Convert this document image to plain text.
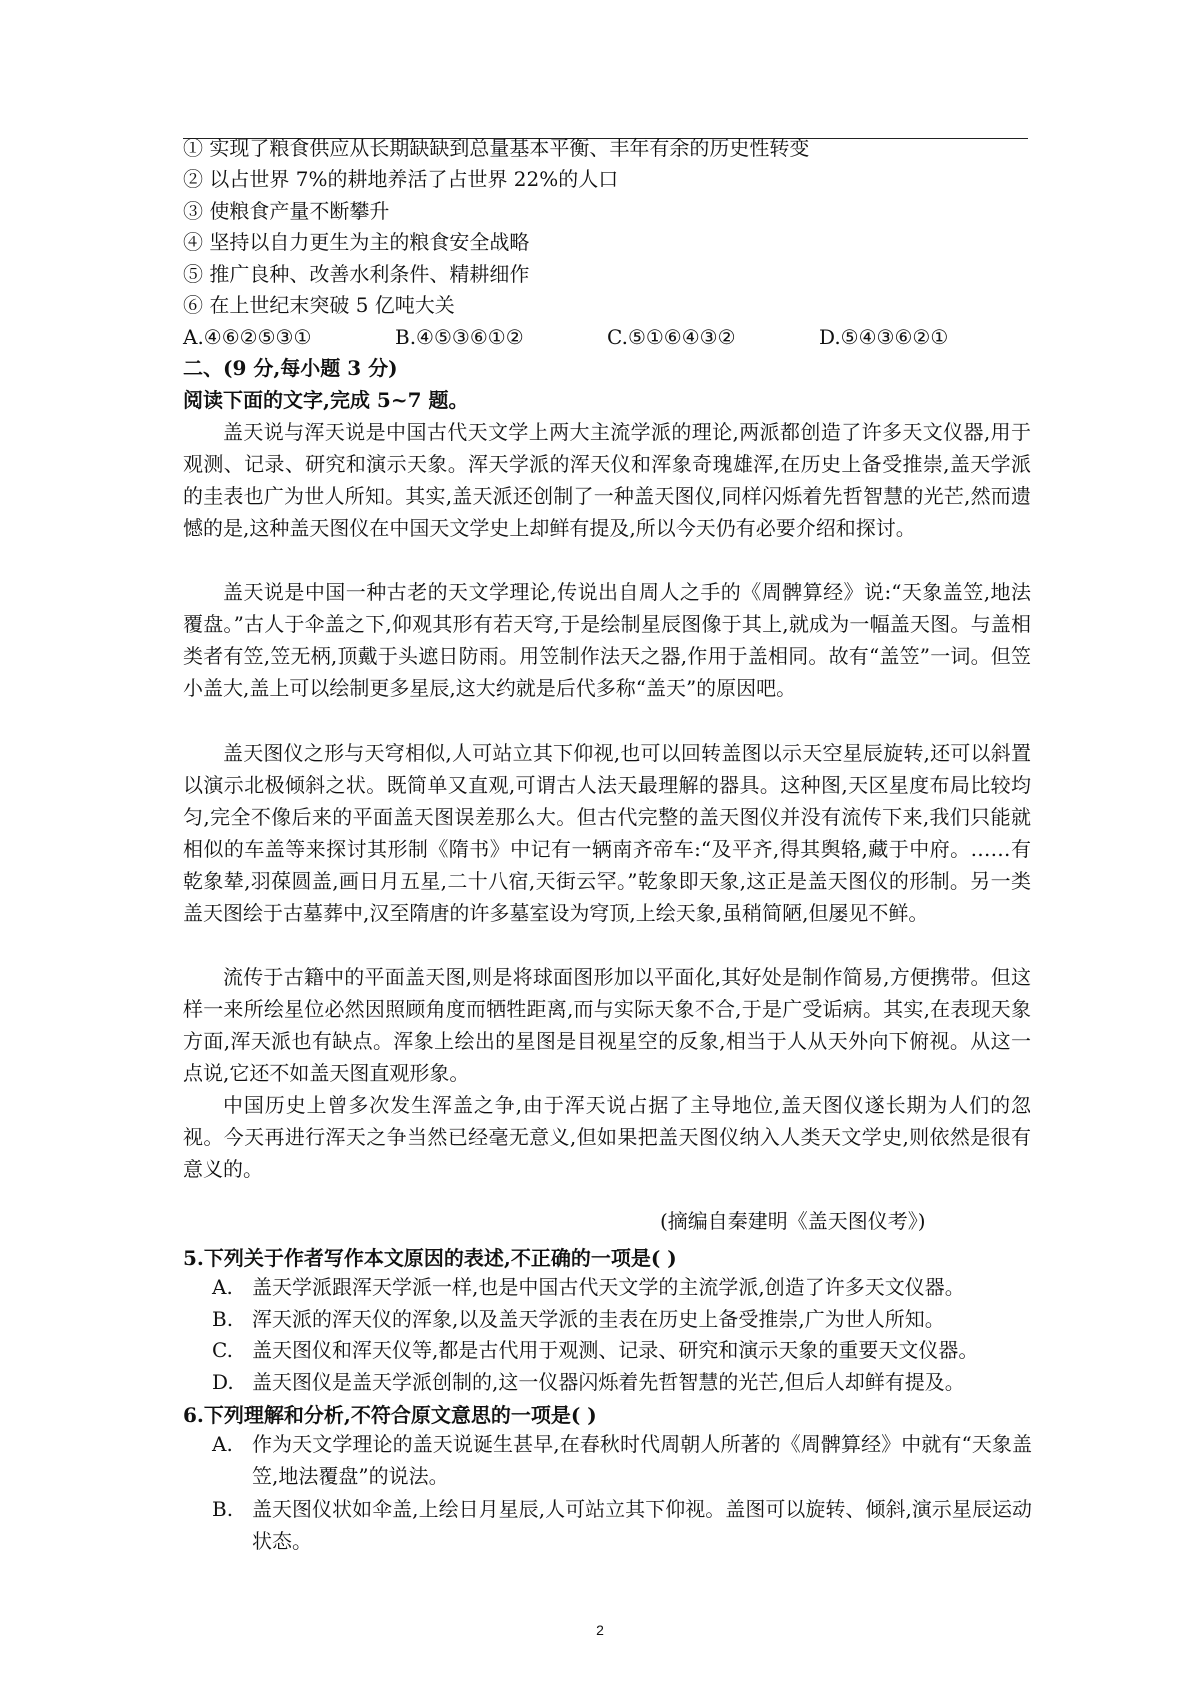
① 实现了粮食供应从长期缺缺到总量基本平衡、丰年有余的历史性转变
② 以占世界 7%的耕地养活了占世界 22%的人口
③ 使粮食产量不断攀升
④ 坚持以自力更生为主的粮食安全战略
⑤ 推广良种、改善水利条件、精耕细作
⑥ 在上世纪末突破 5 亿吨大关
A.④⑥②⑤③①	B.④⑤③⑥①②	C.⑤①⑥④③②	D.⑤④③⑥②①
二、(9 分,每小题 3 分)
阅读下面的文字,完成 5~7 题。
盖天说与浑天说是中国古代天文学上两大主流学派的理论,两派都创造了许多天文仪器,用于观测、记录、研究和演示天象。浑天学派的浑天仪和浑象奇瑰雄浑,在历史上备受推崇,盖天学派的圭表也广为世人所知。其实,盖天派还创制了一种盖天图仪,同样闪烁着先哲智慧的光芒,然而遗憾的是,这种盖天图仪在中国天文学史上却鲜有提及,所以今天仍有必要介绍和探讨。
盖天说是中国一种古老的天文学理论,传说出自周人之手的《周髀算经》说:“天象盖笠,地法覆盘。”古人于伞盖之下,仰观其形有若天穹,于是绘制星辰图像于其上,就成为一幅盖天图。与盖相类者有笠,笠无柄,顶戴于头遮日防雨。用笠制作法天之器,作用于盖相同。故有“盖笠”一词。但笠小盖大,盖上可以绘制更多星辰,这大约就是后代多称“盖天”的原因吧。
盖天图仪之形与天穹相似,人可站立其下仰视,也可以回转盖图以示天空星辰旋转,还可以斜置以演示北极倾斜之状。既简单又直观,可谓古人法天最理解的器具。这种图,天区星度布局比较均匀,完全不像后来的平面盖天图误差那么大。但古代完整的盖天图仪并没有流传下来,我们只能就相似的车盖等来探讨其形制《隋书》中记有一辆南齐帝车:“及平齐,得其舆辂,藏于中府。……有乾象辇,羽葆圆盖,画日月五星,二十八宿,天街云罕。”乾象即天象,这正是盖天图仪的形制。另一类盖天图绘于古墓葬中,汉至隋唐的许多墓室设为穹顶,上绘天象,虽稍简陋,但屡见不鲜。
流传于古籍中的平面盖天图,则是将球面图形加以平面化,其好处是制作简易,方便携带。但这样一来所绘星位必然因照顾角度而牺牲距离,而与实际天象不合,于是广受诟病。其实,在表现天象方面,浑天派也有缺点。浑象上绘出的星图是目视星空的反象,相当于人从天外向下俯视。从这一点说,它还不如盖天图直观形象。
中国历史上曾多次发生浑盖之争,由于浑天说占据了主导地位,盖天图仪遂长期为人们的忽视。今天再进行浑天之争当然已经毫无意义,但如果把盖天图仪纳入人类天文学史,则依然是很有意义的。
(摘编自秦建明《盖天图仪考》)
5.下列关于作者写作本文原因的表述,不正确的一项是( )
A. 盖天学派跟浑天学派一样,也是中国古代天文学的主流学派,创造了许多天文仪器。
B. 浑天派的浑天仪的浑象,以及盖天学派的圭表在历史上备受推崇,广为世人所知。
C. 盖天图仪和浑天仪等,都是古代用于观测、记录、研究和演示天象的重要天文仪器。
D. 盖天图仪是盖天学派创制的,这一仪器闪烁着先哲智慧的光芒,但后人却鲜有提及。
6.下列理解和分析,不符合原文意思的一项是( )
A. 作为天文学理论的盖天说诞生甚早,在春秋时代周朝人所著的《周髀算经》中就有“天象盖笠,地法覆盘”的说法。
B. 盖天图仪状如伞盖,上绘日月星辰,人可站立其下仰视。盖图可以旋转、倾斜,演示星辰运动状态。
2
